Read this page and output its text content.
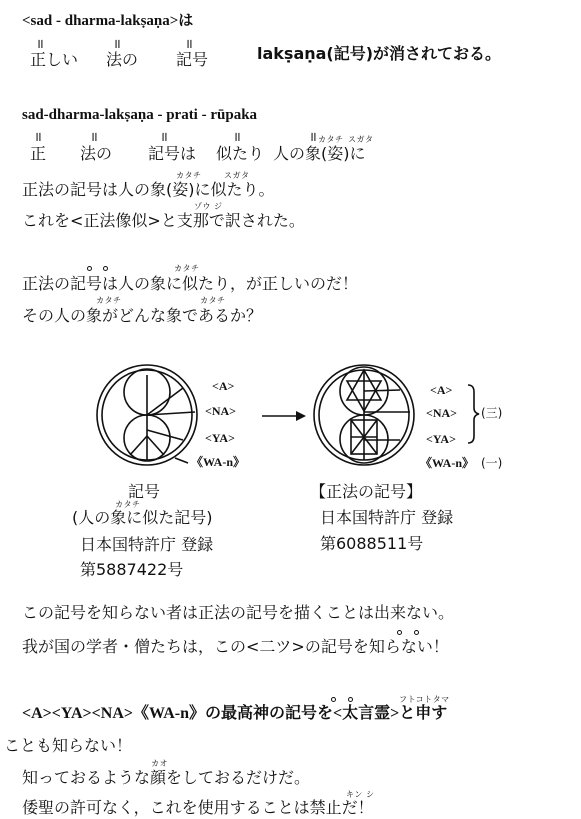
<sad - dharma-lakṣaṇa>は
॥	॥	॥
正しい 法の 記号	lakṣaṇa(記号)が消されておる。
sad-dharma-lakṣaṇa - prati - rūpaka
॥	॥	॥	॥	॥ カタチ スガタ
正 法の 記号は 似たり 人の象(姿)に
カタチ	スガタ
正法の記号は人の象(姿)に似たり。
ゾウ ジ
これを<正法像似>と支那で訳された。
カタチ
正法の記号は人の象に似たり，が正しいのだ！
カタチ	カタチ
その人の象がどんな象であるか？
<A>
<NA>
<YA>
《WA-n》
<A>
<NA>
<YA>
(三)
《WA-n》 (一)
記号
カタチ
(人の象に似た記号)
日本国特許庁 登録
第5887422号
【正法の記号】
日本国特許庁 登録
第6088511号
この記号を知らない者は正法の記号を描くことは出来ない。
我が国の学者・僧たちは，この<二ツ>の記号を知らない！
フトコトタマ
<A><YA><NA>《WA-n》の最高神の記号を<太言霊>と申す
ことも知らない！
カオ
知っておるような顔をしておるだけだ。
キン シ
倭聖の許可なく，これを使用することは禁止だ！
